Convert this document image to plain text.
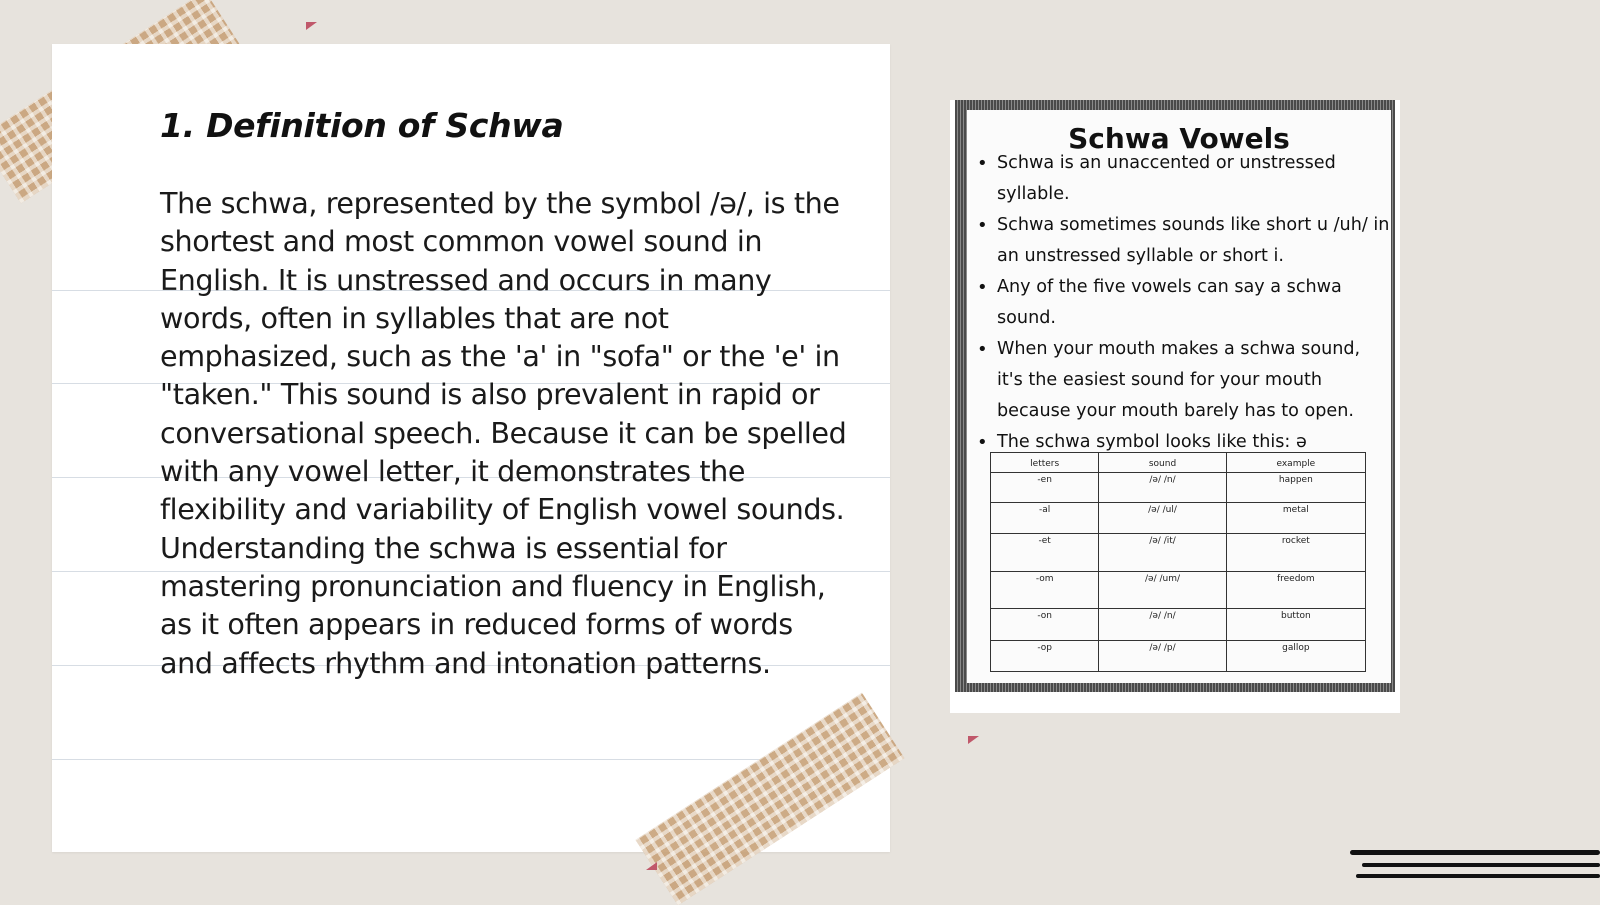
1. Definition of Schwa

The schwa, represented by the symbol /ə/, is the shortest and most common vowel sound in English. It is unstressed and occurs in many words, often in syllables that are not emphasized, such as the 'a' in "sofa" or the 'e' in "taken." This sound is also prevalent in rapid or conversational speech. Because it can be spelled with any vowel letter, it demonstrates the flexibility and variability of English vowel sounds. Understanding the schwa is essential for mastering pronunciation and fluency in English, as it often appears in reduced forms of words and affects rhythm and intonation patterns.

Schwa Vowels
• Schwa is an unaccented or unstressed syllable.
• Schwa sometimes sounds like short u /uh/ in an unstressed syllable or short i.
• Any of the five vowels can say a schwa sound.
• When your mouth makes a schwa sound, it's the easiest sound for your mouth because your mouth barely has to open.
• The schwa symbol looks like this: ə
letters	sound	example
-en	/ə/ /n/	happen
-al	/ə/ /ul/	metal
-et	/ə/ /it/	rocket
-om	/ə/ /um/	freedom
-on	/ə/ /n/	button
-op	/ə/ /p/	gallop
